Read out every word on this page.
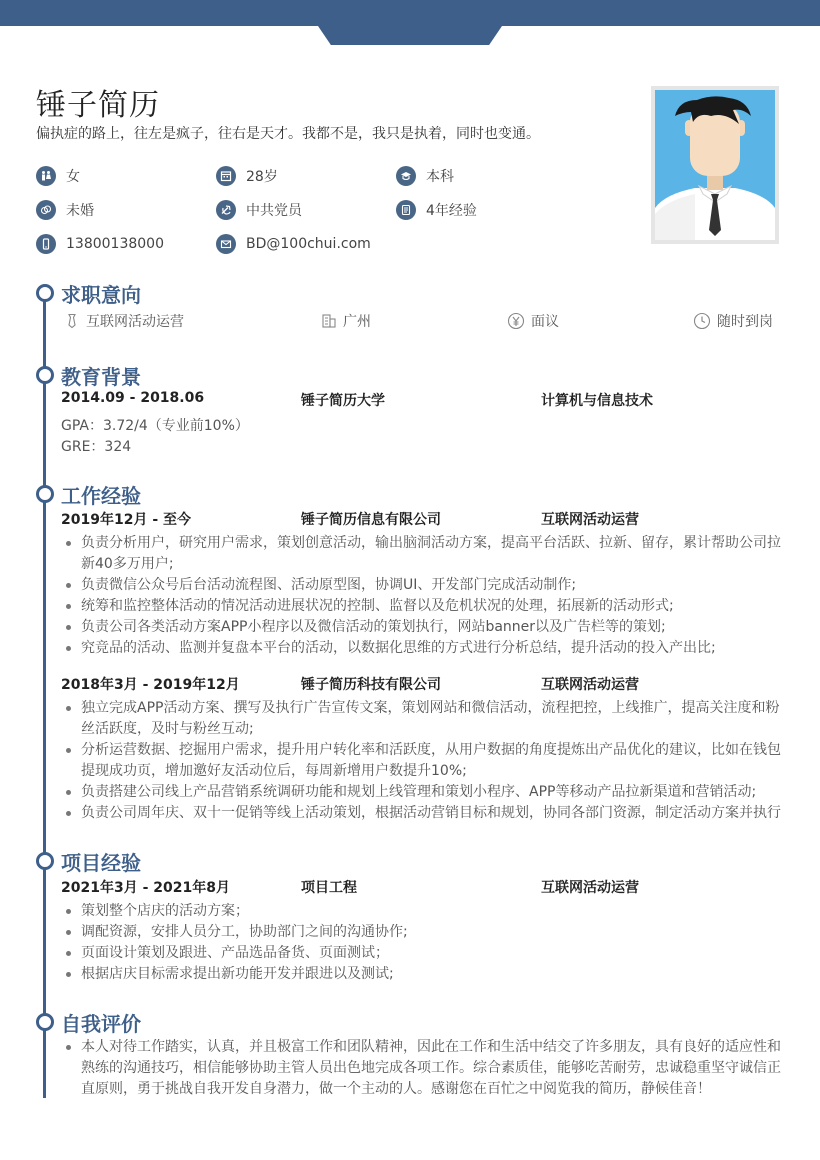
锤子简历
偏执症的路上，往左是疯子，往右是天才。我都不是，我只是执着，同时也变通。
女	28岁	本科
未婚	中共党员	4年经验
13800138000	BD@100chui.com
求职意向
互联网活动运营	广州	面议	随时到岗
教育背景
2014.09 - 2018.06	锤子简历大学	计算机与信息技术
GPA：3.72/4（专业前10%）
GRE：324
工作经验
2019年12月 - 至今	锤子简历信息有限公司	互联网活动运营
负责分析用户，研究用户需求，策划创意活动，输出脑洞活动方案，提高平台活跃、拉新、留存，累计帮助公司拉新40多万用户;
负责微信公众号后台活动流程图、活动原型图，协调UI、开发部门完成活动制作;
统筹和监控整体活动的情况活动进展状况的控制、监督以及危机状况的处理，拓展新的活动形式;
负责公司各类活动方案APP小程序以及微信活动的策划执行，网站banner以及广告栏等的策划;
究竞品的活动、监测并复盘本平台的活动，以数据化思维的方式进行分析总结，提升活动的投入产出比;
2018年3月 - 2019年12月	锤子简历科技有限公司	互联网活动运营
独立完成APP活动方案、撰写及执行广告宣传文案，策划网站和微信活动，流程把控，上线推广，提高关注度和粉丝活跃度，及时与粉丝互动;
分析运营数据、挖掘用户需求，提升用户转化率和活跃度，从用户数据的角度提炼出产品优化的建议，比如在钱包提现成功页，增加邀好友活动位后，每周新增用户数提升10%;
负责搭建公司线上产品营销系统调研功能和规划上线管理和策划小程序、APP等移动产品拉新渠道和营销活动;
负责公司周年庆、双十一促销等线上活动策划，根据活动营销目标和规划，协同各部门资源，制定活动方案并执行
项目经验
2021年3月 - 2021年8月	项目工程	互联网活动运营
策划整个店庆的活动方案；
调配资源，安排人员分工，协助部门之间的沟通协作;
页面设计策划及跟进、产品选品备货、页面测试；
根据店庆目标需求提出新功能开发并跟进以及测试;
自我评价
本人对待工作踏实，认真，并且极富工作和团队精神，因此在工作和生活中结交了许多朋友，具有良好的适应性和熟练的沟通技巧，相信能够协助主管人员出色地完成各项工作。综合素质佳，能够吃苦耐劳，忠诚稳重坚守诚信正直原则，勇于挑战自我开发自身潜力，做一个主动的人。感谢您在百忙之中阅览我的简历，静候佳音！
